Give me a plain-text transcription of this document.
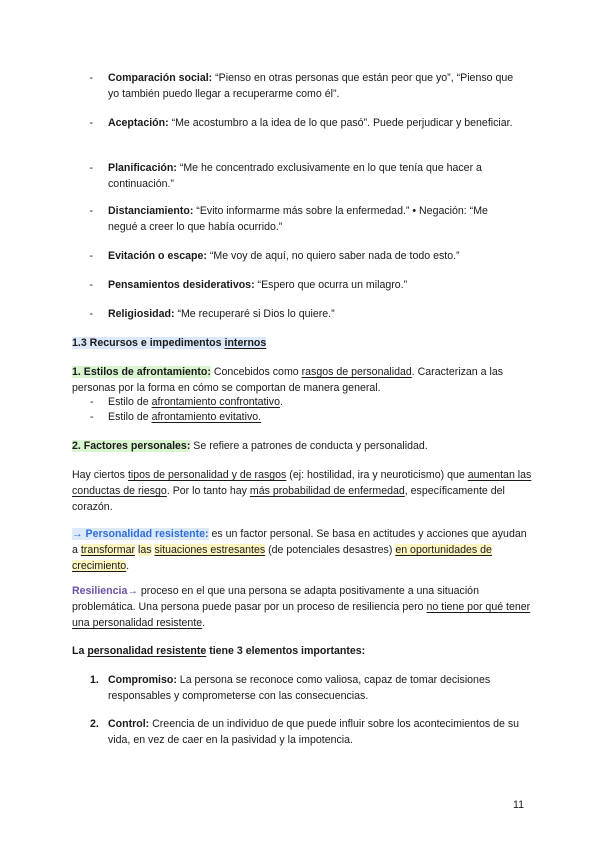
- Comparación social: “Pienso en otras personas que están peor que yo”, “Pienso que yo también puedo llegar a recuperarme como él”.
- Aceptación: “Me acostumbro a la idea de lo que pasó”. Puede perjudicar y beneficiar.
- Planificación: “Me he concentrado exclusivamente en lo que tenía que hacer a continuación.”
- Distanciamiento: “Evito informarme más sobre la enfermedad.” • Negación: “Me negué a creer lo que había ocurrido.”
- Evitación o escape: “Me voy de aquí, no quiero saber nada de todo esto.”
- Pensamientos desiderativos: “Espero que ocurra un milagro.”
- Religiosidad: “Me recuperaré si Dios lo quiere.”
1.3 Recursos e impedimentos internos
1. Estilos de afrontamiento: Concebidos como rasgos de personalidad. Caracterizan a las personas por la forma en cómo se comportan de manera general.
- Estilo de afrontamiento confrontativo.
- Estilo de afrontamiento evitativo.
2. Factores personales: Se refiere a patrones de conducta y personalidad.
Hay ciertos tipos de personalidad y de rasgos (ej: hostilidad, ira y neuroticismo) que aumentan las conductas de riesgo. Por lo tanto hay más probabilidad de enfermedad, específicamente del corazón.
→ Personalidad resistente: es un factor personal. Se basa en actitudes y acciones que ayudan a transformar las situaciones estresantes (de potenciales desastres) en oportunidades de crecimiento.
Resiliencia→ proceso en el que una persona se adapta positivamente a una situación problemática. Una persona puede pasar por un proceso de resiliencia pero no tiene por qué tener una personalidad resistente.
La personalidad resistente tiene 3 elementos importantes:
1. Compromiso: La persona se reconoce como valiosa, capaz de tomar decisiones responsables y comprometerse con las consecuencias.
2. Control: Creencia de un individuo de que puede influir sobre los acontecimientos de su vida, en vez de caer en la pasividad y la impotencia.
11
